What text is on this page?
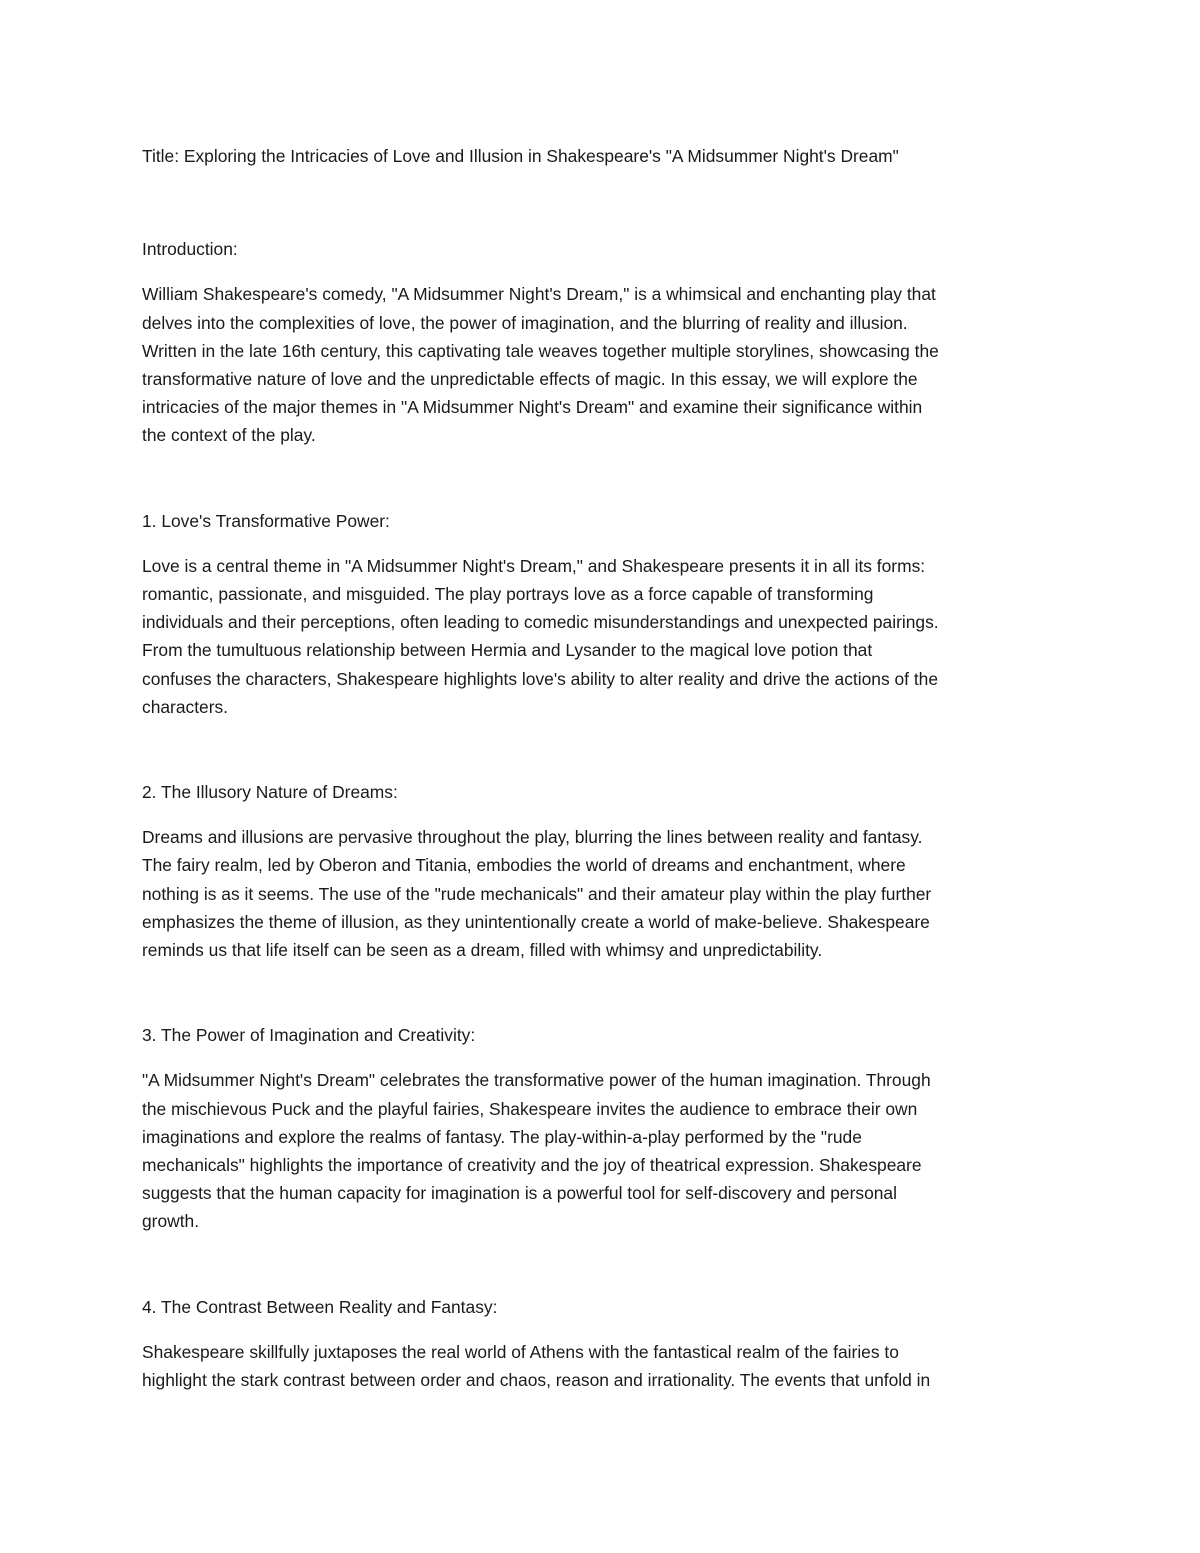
Title: Exploring the Intricacies of Love and Illusion in Shakespeare's "A Midsummer Night's Dream"

Introduction:

William Shakespeare's comedy, "A Midsummer Night's Dream," is a whimsical and enchanting play that

delves into the complexities of love, the power of imagination, and the blurring of reality and illusion.

Written in the late 16th century, this captivating tale weaves together multiple storylines, showcasing the

transformative nature of love and the unpredictable effects of magic. In this essay, we will explore the

intricacies of the major themes in "A Midsummer Night's Dream" and examine their significance within

the context of the play.

1. Love's Transformative Power:

Love is a central theme in "A Midsummer Night's Dream," and Shakespeare presents it in all its forms:

romantic, passionate, and misguided. The play portrays love as a force capable of transforming

individuals and their perceptions, often leading to comedic misunderstandings and unexpected pairings.

From the tumultuous relationship between Hermia and Lysander to the magical love potion that

confuses the characters, Shakespeare highlights love's ability to alter reality and drive the actions of the

characters.

2. The Illusory Nature of Dreams:

Dreams and illusions are pervasive throughout the play, blurring the lines between reality and fantasy.

The fairy realm, led by Oberon and Titania, embodies the world of dreams and enchantment, where

nothing is as it seems. The use of the "rude mechanicals" and their amateur play within the play further

emphasizes the theme of illusion, as they unintentionally create a world of make-believe. Shakespeare

reminds us that life itself can be seen as a dream, filled with whimsy and unpredictability.

3. The Power of Imagination and Creativity:

"A Midsummer Night's Dream" celebrates the transformative power of the human imagination. Through

the mischievous Puck and the playful fairies, Shakespeare invites the audience to embrace their own

imaginations and explore the realms of fantasy. The play-within-a-play performed by the "rude

mechanicals" highlights the importance of creativity and the joy of theatrical expression. Shakespeare

suggests that the human capacity for imagination is a powerful tool for self-discovery and personal

growth.

4. The Contrast Between Reality and Fantasy:

Shakespeare skillfully juxtaposes the real world of Athens with the fantastical realm of the fairies to

highlight the stark contrast between order and chaos, reason and irrationality. The events that unfold in
